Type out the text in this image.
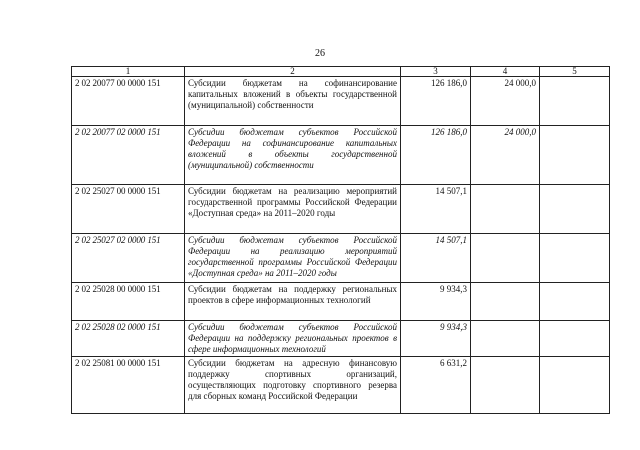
26
1	2	3	4	5
2 02 20077 00 0000 151	Субсидии бюджетам на софинансирование капитальных вложений в объекты государственной (муниципальной) собственности	126 186,0	24 000,0	
2 02 20077 02 0000 151	Субсидии бюджетам субъектов Российской Федерации на софинансирование капитальных вложений в объекты государственной (муниципальной) собственности	126 186,0	24 000,0	
2 02 25027 00 0000 151	Субсидии бюджетам на реализацию мероприятий государственной программы Российской Федерации «Доступная среда» на 2011–2020 годы	14 507,1		
2 02 25027 02 0000 151	Субсидии бюджетам субъектов Российской Федерации на реализацию мероприятий государственной программы Российской Федерации «Доступная среда» на 2011–2020 годы	14 507,1		
2 02 25028 00 0000 151	Субсидии бюджетам на поддержку региональных проектов в сфере информационных технологий	9 934,3		
2 02 25028 02 0000 151	Субсидии бюджетам субъектов Российской Федерации на поддержку региональных проектов в сфере информационных технологий	9 934,3		
2 02 25081 00 0000 151	Субсидии бюджетам на адресную финансовую поддержку спортивных организаций, осуществляющих подготовку спортивного резерва для сборных команд Российской Федерации	6 631,2		
